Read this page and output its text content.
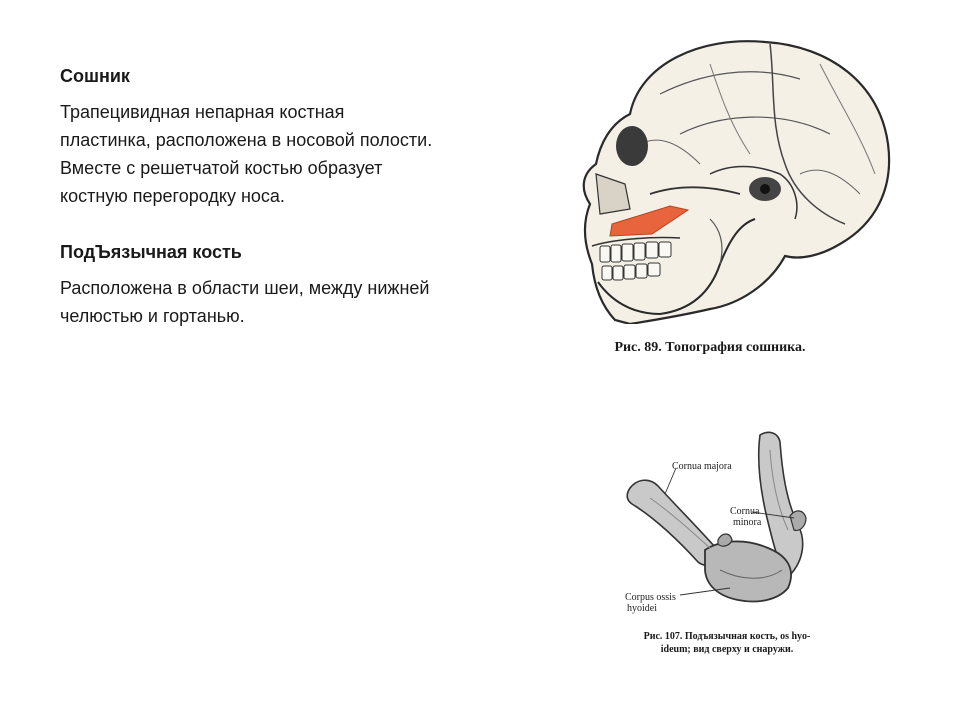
Сошник

Трапецивидная непарная костная пластинка, расположена в носовой полости. Вместе с решетчатой костью образует костную перегородку носа.

ПодЪязычная кость

Расположена в области шеи, между нижней челюстью и гортанью.

Рис. 89. Топография сошника.
Cornua majora
Cornua
minora
Corpus ossis
hyoidei
Рис. 107. Подъязычная кость, os hyo-
ideum; вид сверху и снаружи.
